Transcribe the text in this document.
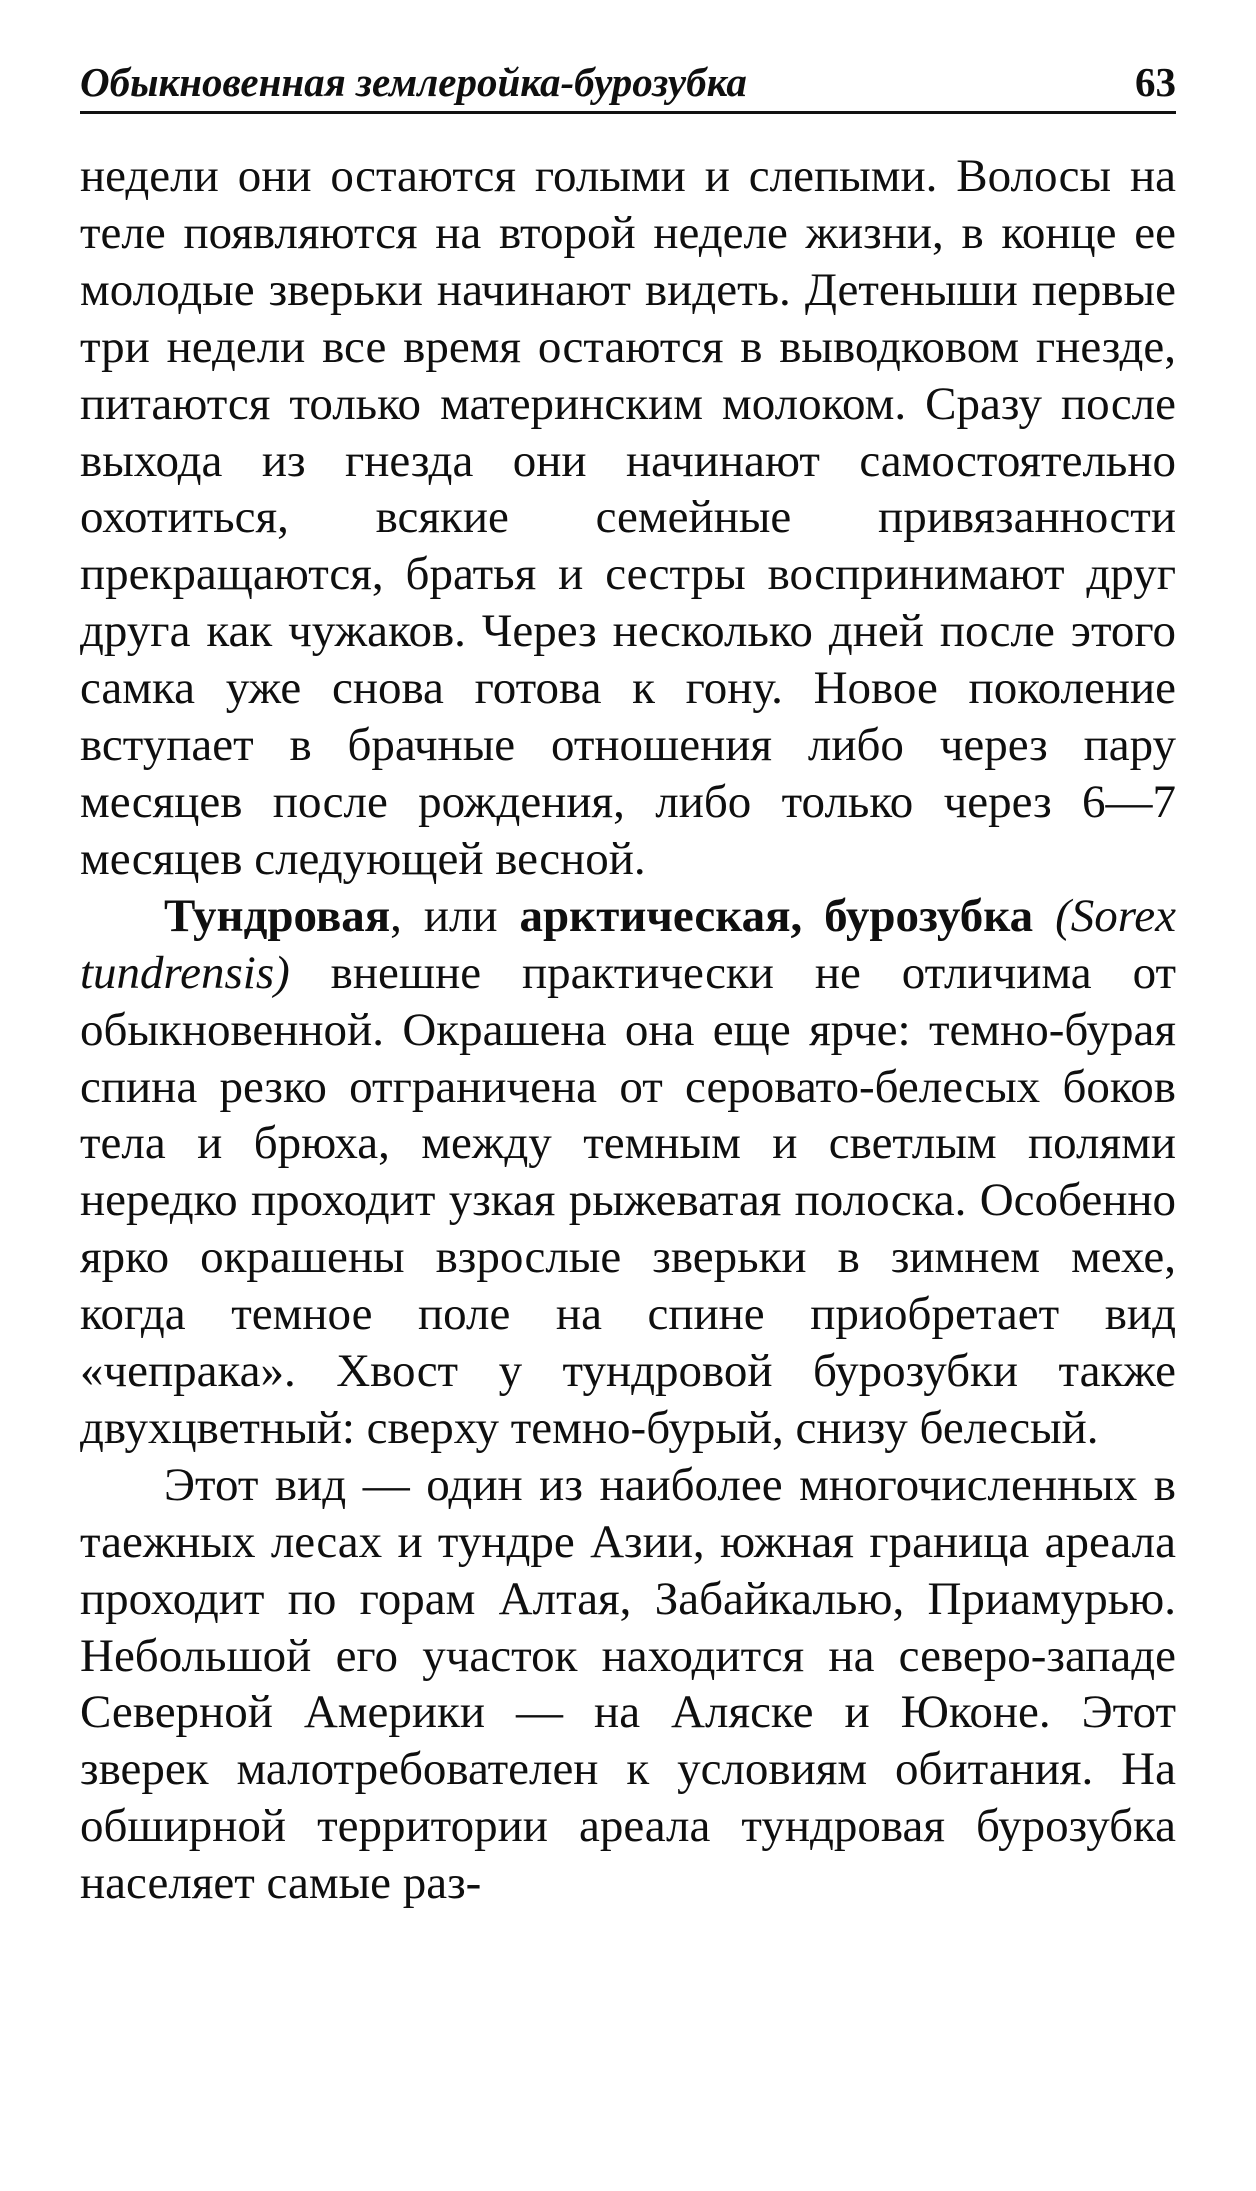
Обыкновенная землеройка-бурозубка	63

недели они остаются голыми и слепыми. Волосы на теле появляются на второй неделе жизни, в конце ее молодые зверьки начинают видеть. Детеныши первые три недели все время остаются в выводковом гнезде, питаются только материнским молоком. Сразу после выхода из гнезда они начинают самостоятельно охотиться, всякие семейные привязанности прекращаются, братья и сестры воспринимают друг друга как чужаков. Через несколько дней после этого самка уже снова готова к гону. Новое поколение вступает в брачные отношения либо через пару месяцев после рождения, либо только через 6—7 месяцев следующей весной.

Тундровая, или арктическая, бурозубка (Sorex tundrensis) внешне практически не отличима от обыкновенной. Окрашена она еще ярче: темно-бурая спина резко отграничена от серовато-белесых боков тела и брюха, между темным и светлым полями нередко проходит узкая рыжеватая полоска. Особенно ярко окрашены взрослые зверьки в зимнем мехе, когда темное поле на спине приобретает вид «чепрака». Хвост у тундровой бурозубки также двухцветный: сверху темно-бурый, снизу белесый.

Этот вид — один из наиболее многочисленных в таежных лесах и тундре Азии, южная граница ареала проходит по горам Алтая, Забайкалью, Приамурью. Небольшой его участок находится на северо-западе Северной Америки — на Аляске и Юконе. Этот зверек малотребователен к условиям обитания. На обширной территории ареала тундровая бурозубка населяет самые раз-
